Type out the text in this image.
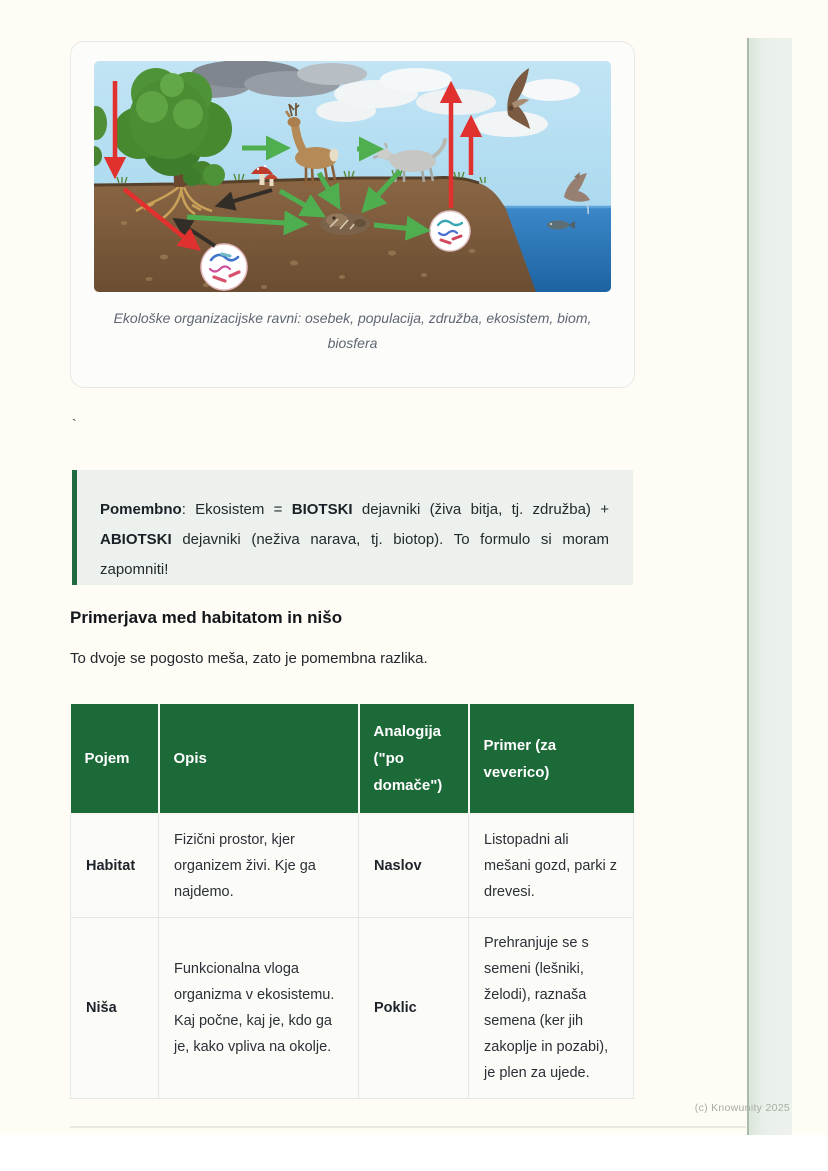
Ekološke organizacijske ravni: osebek, populacija, združba, ekosistem, biom, biosfera
`

Pomembno: Ekosistem = BIOTSKI dejavniki (živa bitja, tj. združba) + ABIOTSKI dejavniki (neživa narava, tj. biotop). To formulo si moram zapomniti!

Primerjava med habitatom in nišo

To dvoje se pogosto meša, zato je pomembna razlika.

Pojem	Opis	Analogija ("po domače")	Primer (za veverico)
Habitat	Fizični prostor, kjer organizem živi. Kje ga najdemo.	Naslov	Listopadni ali mešani gozd, parki z drevesi.
Niša	Funkcionalna vloga organizma v ekosistemu. Kaj počne, kaj je, kdo ga je, kako vpliva na okolje.	Poklic	Prehranjuje se s semeni (lešniki, želodi), raznaša semena (ker jih zakoplje in pozabi), je plen za ujede.
(c) Knowunity 2025
